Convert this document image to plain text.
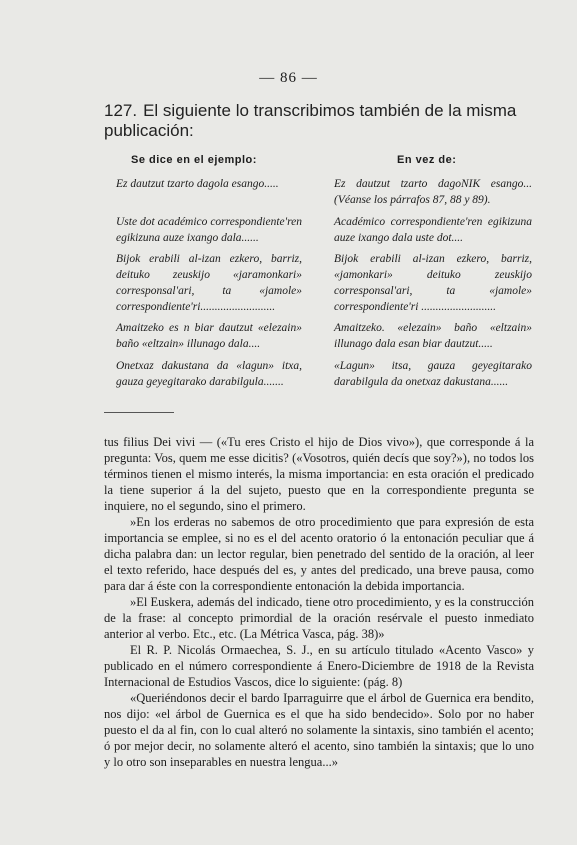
— 86 —
127. El siguiente lo transcribimos también de la misma publicación:
Se dice en el ejemplo:	En vez de:
Ez dautzut tzarto dagola esango.....	Ez dautzut tzarto dagoNIK esango... (Véanse los párrafos 87, 88 y 89).
Uste dot académico correspondiente'ren egikizuna auze ixango dala......
Académico correspondiente'ren egikizuna auze ixango dala uste dot....
Bijok erabili al-izan ezkero, barriz, deituko zeuskijo «jaramonkari» corresponsal'ari, ta «jamole» correspondiente'ri..........................
Bijok erabili al-izan ezkero, barriz, «jamonkari» deituko zeuskijo corresponsal'ari, ta «jamole» correspondiente'ri ..........................
Amaitzeko es n biar dautzut «elezain» baño «eltzain» illunago dala....
Amaitzeko. «elezain» baño «eltzain» illunago dala esan biar dautzut.....
Onetxaz dakustana da «lagun» itxa, gauza geyegitarako darabilgula.......
«Lagun» itsa, gauza geyegitarako darabilgula da onetxaz dakustana......

tus filius Dei vivi — («Tu eres Cristo el hijo de Dios vivo»), que corresponde á la pregunta: Vos, quem me esse dicitis? («Vosotros, quién decís que soy?»), no todos los términos tienen el mismo interés, la misma importancia: en esta oración el predicado la tiene superior á la del sujeto, puesto que en la correspondiente pregunta se inquiere, no el segundo, sino el primero.

»En los erderas no sabemos de otro procedimiento que para expresión de esta importancia se emplee, si no es el del acento oratorio ó la entonación peculiar que á dicha palabra dan: un lector regular, bien penetrado del sentido de la oración, al leer el texto referido, hace después del es, y antes del predicado, una breve pausa, como para dar á éste con la correspondiente entonación la debida importancia.

»El Euskera, además del indicado, tiene otro procedimiento, y es la construcción de la frase: al concepto primordial de la oración resérvale el puesto inmediato anterior al verbo. Etc., etc. (La Métrica Vasca, pág. 38)»

El R. P. Nicolás Ormaechea, S. J., en su artículo titulado «Acento Vasco» y publicado en el número correspondiente á Enero-Diciembre de 1918 de la Revista Internacional de Estudios Vascos, dice lo siguiente: (pág. 8)

«Queriéndonos decir el bardo Iparraguirre que el árbol de Guernica era bendito, nos dijo: «el árbol de Guernica es el que ha sido bendecido». Solo por no haber puesto el da al fin, con lo cual alteró no solamente la sintaxis, sino también el acento; ó por mejor decir, no solamente alteró el acento, sino también la sintaxis; que lo uno y lo otro son inseparables en nuestra lengua...»
